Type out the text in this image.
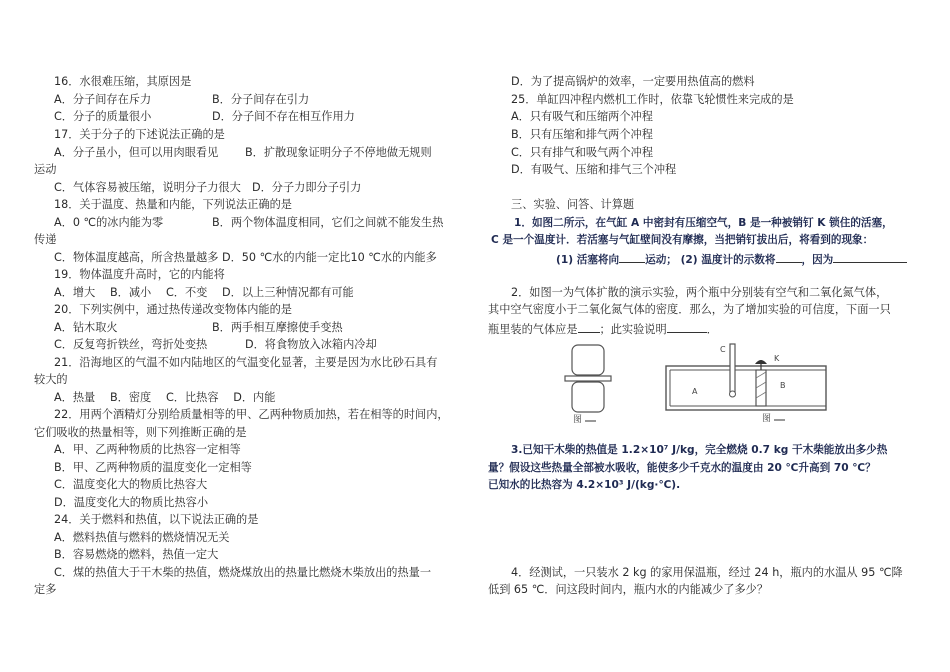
16．水很难压缩，其原因是
A．分子间存在斥力	B．分子间存在引力
C．分子的质量很小	D．分子间不存在相互作用力
17．关于分子的下述说法正确的是
A．分子虽小，但可以用肉眼看见 B．扩散现象证明分子不停地做无规则
运动
C．气体容易被压缩，说明分子力很大　D．分子力即分子引力
18．关于温度、热量和内能，下列说法正确的是
A．0 ℃的冰内能为零	B．两个物体温度相同，它们之间就不能发生热
传递
C．物体温度越高，所含热量越多 D．50 ℃水的内能一定比10 ℃水的内能多
19．物体温度升高时，它的内能将
A．增大　 B．减小　 C．不变　 D．以上三种情况都有可能
20．下列实例中，通过热传递改变物体内能的是
A．钻木取火	B．两手相互摩擦使手变热
C．反复弯折铁丝，弯折处变热	D．将食物放入冰箱内冷却
21．沿海地区的气温不如内陆地区的气温变化显著，主要是因为水比砂石具有
较大的
A．热量　 B．密度　 C．比热容　 D．内能
22．用两个酒精灯分别给质量相等的甲、乙两种物质加热，若在相等的时间内，
它们吸收的热量相等，则下列推断正确的是
A．甲、乙两种物质的比热容一定相等
B．甲、乙两种物质的温度变化一定相等
C．温度变化大的物质比热容大
D．温度变化大的物质比热容小
24．关于燃料和热值，以下说法正确的是
A．燃料热值与燃料的燃烧情况无关
B．容易燃烧的燃料，热值一定大
C．煤的热值大于干木柴的热值，燃烧煤放出的热量比燃烧木柴放出的热量一
定多
D．为了提高锅炉的效率，一定要用热值高的燃料
25．单缸四冲程内燃机工作时，依靠飞轮惯性来完成的是
A．只有吸气和压缩两个冲程
B．只有压缩和排气两个冲程
C．只有排气和吸气两个冲程
D．有吸气、压缩和排气三个冲程
三、实验、问答、计算题
1．如图二所示，在气缸 A 中密封有压缩空气，B 是一种被销钉 K 锁住的活塞，
C 是一个温度计．若活塞与气缸壁间没有摩擦，当把销钉拔出后，将看到的现象：
(1) 活塞将向 运动； (2) 温度计的示数将 ，因为
2．如图一为气体扩散的演示实验，两个瓶中分别装有空气和二氧化氮气体，
其中空气密度小于二氧化氮气体的密度．那么，为了增加实验的可信度，下面一只
瓶里装的气体应是 ；此实验说明	．
图
C
K
A
B
图
3.已知干木柴的热值是 1.2×10⁷ J/kg，完全燃烧 0.7 kg 干木柴能放出多少热
量？假设这些热量全部被水吸收，能使多少千克水的温度由 20 ℃升高到 70 ℃？
已知水的比热容为 4.2×10³ J/(kg·℃).
4．经测试，一只装水 2 kg 的家用保温瓶，经过 24 h，瓶内的水温从 95 ℃降
低到 65 ℃．问这段时间内，瓶内水的内能减少了多少？
